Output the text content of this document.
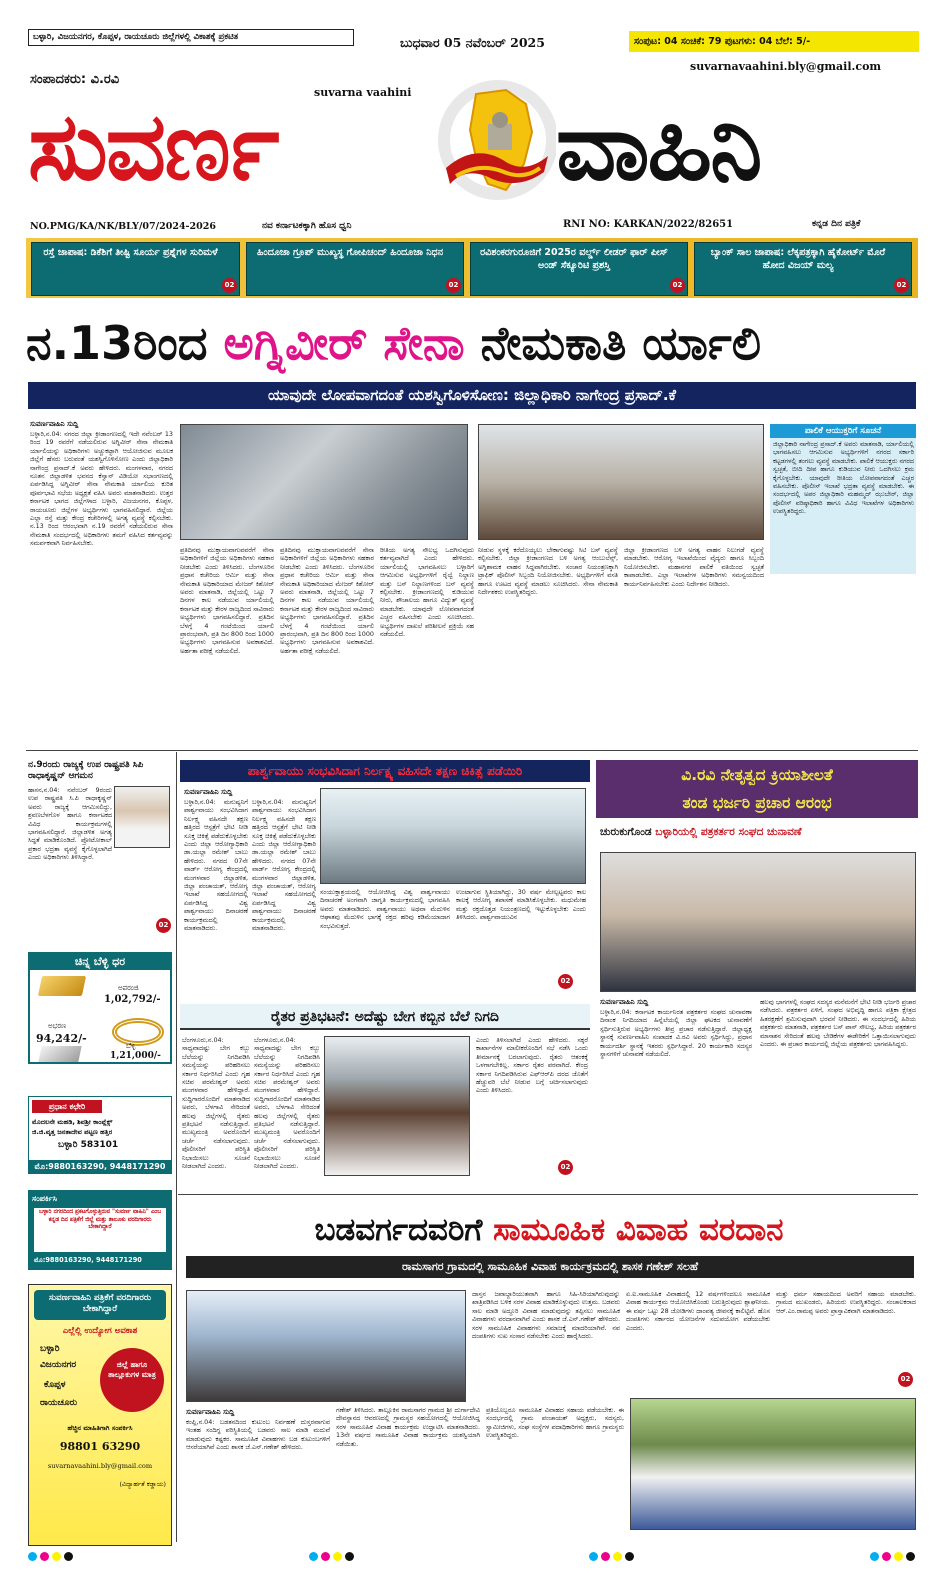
ಬಳ್ಳಾರಿ, ವಿಜಯನಗರ, ಕೊಪ್ಪಳ, ರಾಯಚೂರು ಜಿಲ್ಲೆಗಳಲ್ಲಿ ವಿಕಾಶಕ್ಕೆ ಪ್ರಕಟಿತ	ಬುಧವಾರ 05 ನವೆಂಬರ್ 2025	ಸಂಪುಟ: 04 ಸಂಚಿಕೆ: 79 ಪುಟಗಳು: 04 ಬೆಲೆ: 5/-
ಸಂಪಾದಕರು: ವಿ.ರವಿ
suvarnavaahini.bly@gmail.com
suvarna vaahini
ಸುವರ್ಣ	ವಾಹಿನಿ
NO.PMG/KA/NK/BLY/07/2024-2026	ನವ ಕರ್ನಾಟಕಕ್ಕಾಗಿ ಹೊಸ ಧ್ವನಿ	RNI NO: KARKAN/2022/82651	ಕನ್ನಡ ದಿನ ಪತ್ರಿಕೆ
ರಸ್ತೆ ಜಾಪಾಷ: ಡಿಕೆಶಿಗೆ ತೀಷ್ಟಿ ಸೂರ್ಯ ಪ್ರಶ್ನೆಗಳ ಸುರಿಮಳೆ
02
ಹಿಂದೂಜಾ ಗ್ರೂಪ್ ಮುಖ್ಯಸ್ಥ ಗೋಪಿಚಂದ್ ಹಿಂದೂಜಾ ನಿಧನ
02
ರವಿಶಂಕರಗುರೂಜಿಗೆ 2025ರ ವರ್ಲ್ಡ್ ಲೀಡರ್ ಫಾರ್ ಪೀಸ್ ಅಂಡ್ ಸೆಕ್ಯೂರಿಟಿ ಪ್ರಶಸ್ತಿ
02
ಬ್ಯಾಂಕ್ ಸಾಲ ಜಾಪಾಷ: ಲೆಕ್ಕಪತ್ರಕ್ಕಾಗಿ ಹೈಕೋರ್ಟ್ ಮೊರೆ ಹೋದ ವಿಜಯ್ ಮಲ್ಯ
02
ನ.13ರಿಂದ ಅಗ್ನಿವೀರ್ ಸೇನಾ ನೇಮಕಾತಿ ರ್ಯಾಲಿ
ಯಾವುದೇ ಲೋಪವಾಗದಂತೆ ಯಶಸ್ವಿಗೊಳಿಸೋಣ: ಜಿಲ್ಲಾಧಿಕಾರಿ ನಾಗೇಂದ್ರ ಪ್ರಸಾದ್.ಕೆ
ಸುವರ್ಣವಾಹಿನಿ ಸುದ್ದಿ
ಬಳ್ಳಾರಿ,ನ.04: ನಗರದ ಜಿಲ್ಲಾ ಕ್ರೀಡಾಂಗಣದಲ್ಲಿ ಇದೇ ನವೆಂಬರ್ 13 ರಿಂದ 19 ರವರೆಗೆ ನಡೆಯಲಿರುವ ಅಗ್ನಿವೀರ್ ಸೇನಾ ನೇಮಕಾತಿ ರ್ಯಾಲಿಯನ್ನು ಅಧಿಕಾರಿಗಳು ಅಚ್ಚುಕಟ್ಟಾಗಿ ಆಯೋಜಿಸುವ ಮೂಲಕ ಜಿಲ್ಲೆಗೆ ಹೆಸರು ಬರುವಂತೆ ಯಶಸ್ವಿಗೊಳಿಸೋಣ ಎಂದು ಜಿಲ್ಲಾಧಿಕಾರಿ ನಾಗೇಂದ್ರ ಪ್ರಸಾದ್.ಕೆ ಅವರು ಹೇಳಿದರು. ಮಂಗಳವಾರ, ನಗರದ ನೂತನ ಜಿಲ್ಲಾಡಳಿತ ಭವನದ ಕೆಸ್ವಾನ್ ವಿಡಿಯೋ ಸಭಾಂಗಣದಲ್ಲಿ ಏರ್ಪಡಿಸಿದ್ದ ಅಗ್ನಿವೀರ್ ಸೇನಾ ನೇಮಕಾತಿ ರ್ಯಾಲಿಯ ಕುರಿತ ಪೂರ್ವಭಾವಿ ಸಭೆಯ ಅಧ್ಯಕ್ಷತೆ ವಹಿಸಿ ಅವರು ಮಾತನಾಡಿದರು. ಉತ್ತರ ಕರ್ನಾಟಕ ಭಾಗದ ಜಿಲ್ಲೆಗಳಾದ ಬಳ್ಳಾರಿ, ವಿಜಯನಗರ, ಕೊಪ್ಪಳ, ರಾಯಚೂರು ಜಿಲ್ಲೆಗಳ ಅಭ್ಯರ್ಥಿಗಳು ಭಾಗವಹಿಸಲಿದ್ದಾರೆ. ಜಿಲ್ಲೆಯ ಎಲ್ಲಾ ರಸ್ತೆ ಮತ್ತು ಕೇಂದ್ರ ಕಚೇರಿಗಳಲ್ಲಿ ಅಗತ್ಯ ವ್ಯವಸ್ಥೆ ಕಲ್ಪಿಸಬೇಕು. ನ.13 ರಿಂದ ಆರಂಭವಾಗಿ ನ.19 ರವರೆಗೆ ನಡೆಯಲಿರುವ ಸೇನಾ ನೇಮಕಾತಿ ಸಂದರ್ಭದಲ್ಲಿ ಅಧಿಕಾರಿಗಳು ತಮಗೆ ವಹಿಸಿದ ಕರ್ತವ್ಯವನ್ನು ಸಮರ್ಪಕವಾಗಿ ನಿರ್ವಹಿಸಬೇಕು.
ಪ್ರತಿದಿನವು ಮುಕ್ತಾಯವಾಗುವವರೆಗೆ ಸೇನಾ ಅಧಿಕಾರಿಗಳಿಗೆ ಜಿಲ್ಲೆಯ ಅಧಿಕಾರಿಗಳು ಸಹಕಾರ ನೀಡಬೇಕು ಎಂದು ತಿಳಿಸಿದರು. ಬೆಂಗಳೂರಿನ ಪ್ರಧಾನ ಕಚೇರಿಯ ಆರ್ಮಿ ಮತ್ತು ಸೇನಾ ನೇಮಕಾತಿ ಅಧಿಕಾರಿಯಾದ ಮೇಜರ್ ಕಿಶೋರ್ ಅವರು ಮಾತನಾಡಿ, ಜಿಲ್ಲೆಯಲ್ಲಿ ಒಟ್ಟು 7 ದಿನಗಳ ಕಾಲ ನಡೆಯುವ ರ್ಯಾಲಿಯಲ್ಲಿ ಕರ್ನಾಟಕ ಮತ್ತು ಕೇರಳ ರಾಜ್ಯದಿಂದ ಸಾವಿರಾರು ಅಭ್ಯರ್ಥಿಗಳು ಭಾಗವಹಿಸಲಿದ್ದಾರೆ. ಪ್ರತಿದಿನ ಬೆಳಗ್ಗೆ 4 ಗಂಟೆಯಿಂದ ರ್ಯಾಲಿ ಪ್ರಾರಂಭವಾಗಿ, ಪ್ರತಿ ದಿನ 800 ರಿಂದ 1000 ಅಭ್ಯರ್ಥಿಗಳು ಭಾಗವಹಿಸುವ ಅವಕಾಶವಿದೆ. ಅರ್ಹತಾ ಪರೀಕ್ಷೆ ನಡೆಯಲಿದೆ.
ಪ್ರತಿದಿನವು ಮುಕ್ತಾಯವಾಗುವವರೆಗೆ ಸೇನಾ ಅಧಿಕಾರಿಗಳಿಗೆ ಜಿಲ್ಲೆಯ ಅಧಿಕಾರಿಗಳು ಸಹಕಾರ ನೀಡಬೇಕು ಎಂದು ತಿಳಿಸಿದರು. ಬೆಂಗಳೂರಿನ ಪ್ರಧಾನ ಕಚೇರಿಯ ಆರ್ಮಿ ಮತ್ತು ಸೇನಾ ನೇಮಕಾತಿ ಅಧಿಕಾರಿಯಾದ ಮೇಜರ್ ಕಿಶೋರ್ ಅವರು ಮಾತನಾಡಿ, ಜಿಲ್ಲೆಯಲ್ಲಿ ಒಟ್ಟು 7 ದಿನಗಳ ಕಾಲ ನಡೆಯುವ ರ್ಯಾಲಿಯಲ್ಲಿ ಕರ್ನಾಟಕ ಮತ್ತು ಕೇರಳ ರಾಜ್ಯದಿಂದ ಸಾವಿರಾರು ಅಭ್ಯರ್ಥಿಗಳು ಭಾಗವಹಿಸಲಿದ್ದಾರೆ. ಪ್ರತಿದಿನ ಬೆಳಗ್ಗೆ 4 ಗಂಟೆಯಿಂದ ರ್ಯಾಲಿ ಪ್ರಾರಂಭವಾಗಿ, ಪ್ರತಿ ದಿನ 800 ರಿಂದ 1000 ಅಭ್ಯರ್ಥಿಗಳು ಭಾಗವಹಿಸುವ ಅವಕಾಶವಿದೆ. ಅರ್ಹತಾ ಪರೀಕ್ಷೆ ನಡೆಯಲಿದೆ.
ರೀತಿಯ ಅಗತ್ಯ ಸೌಲಭ್ಯ ಒದಗಿಸುವುದು ಕರ್ತವ್ಯವಾಗಿದೆ ಎಂದು ಹೇಳಿದರು. ರ್ಯಾಲಿಯಲ್ಲಿ ಭಾಗವಹಿಸಲು ಬಳ್ಳಾರಿಗೆ ಆಗಮಿಸುವ ಅಭ್ಯರ್ಥಿಗಳಿಗೆ ರೈಲ್ವೆ ನಿಲ್ದಾಣ ಮತ್ತು ಬಸ್ ನಿಲ್ದಾಣಗಳಿಂದ ಬಸ್ ವ್ಯವಸ್ಥೆ ಕಲ್ಪಿಸಬೇಕು. ಕ್ರೀಡಾಂಗಣದಲ್ಲಿ ಕುಡಿಯುವ ನೀರು, ಶೌಚಾಲಯ ಹಾಗೂ ವಿದ್ಯುತ್ ವ್ಯವಸ್ಥೆ ಮಾಡಬೇಕು. ಯಾವುದೇ ಲೋಪವಾಗದಂತೆ ಎಚ್ಚರ ವಹಿಸಬೇಕು ಎಂದು ಸೂಚಿಸಿದರು. ಅಭ್ಯರ್ಥಿಗಳ ದಾಖಲೆ ಪರಿಶೀಲನೆ ಪ್ರಕ್ರಿಯೆ ಸಹ ನಡೆಯಲಿದೆ.
ನೀಡುವ ಸ್ಥಳಕ್ಕೆ ಕರೆದೊಯ್ಯಲು ಬೇಕಾಗುವಷ್ಟು ಸಿಟಿ ಬಸ್ ವ್ಯವಸ್ಥೆ ಕಲ್ಪಿಸಬೇಕು. ಜಿಲ್ಲಾ ಕ್ರೀಡಾಂಗಣದ ಬಳಿ ಅಗತ್ಯ ಆಂಬುಲೆನ್ಸ್, ಅಗ್ನಿಶಾಮಕ ವಾಹನ ಸಿದ್ಧವಾಗಿರಬೇಕು. ಸಂಚಾರ ನಿಯಂತ್ರಣಕ್ಕಾಗಿ ಟ್ರಾಫಿಕ್ ಪೊಲೀಸ್ ಸಿಬ್ಬಂದಿ ನಿಯೋಜಿಸಬೇಕು. ಅಭ್ಯರ್ಥಿಗಳಿಗೆ ವಸತಿ ಹಾಗೂ ಊಟದ ವ್ಯವಸ್ಥೆ ಮಾಡಲು ಸೂಚಿಸಿದರು. ಸೇನಾ ನೇಮಕಾತಿ ನಿರ್ದೇಶಕರು ಉಪಸ್ಥಿತರಿದ್ದರು.
ಜಿಲ್ಲಾ ಕ್ರೀಡಾಂಗಣದ ಬಳಿ ಅಗತ್ಯ ವಾಹನ ನಿಲುಗಡೆ ವ್ಯವಸ್ಥೆ ಮಾಡಬೇಕು. ಆರೋಗ್ಯ ಇಲಾಖೆಯಿಂದ ವೈದ್ಯರು ಹಾಗೂ ಸಿಬ್ಬಂದಿ ನಿಯೋಜಿಸಬೇಕು. ಮಹಾನಗರ ಪಾಲಿಕೆ ವತಿಯಿಂದ ಸ್ವಚ್ಛತೆ ಕಾಪಾಡಬೇಕು. ಎಲ್ಲಾ ಇಲಾಖೆಗಳ ಅಧಿಕಾರಿಗಳು ಸಮನ್ವಯದಿಂದ ಕಾರ್ಯನಿರ್ವಹಿಸಬೇಕು ಎಂದು ನಿರ್ದೇಶನ ನೀಡಿದರು.
ಪಾಲಿಕೆ ಆಯುಕ್ತರಿಗೆ ಸೂಚನೆ
ಜಿಲ್ಲಾಧಿಕಾರಿ ನಾಗೇಂದ್ರ ಪ್ರಸಾದ್.ಕೆ ಅವರು ಮಾತನಾಡಿ, ರ್ಯಾಲಿಯಲ್ಲಿ ಭಾಗವಹಿಸಲು ಆಗಮಿಸುವ ಅಭ್ಯರ್ಥಿಗಳಿಗೆ ನಗರದ ಸರ್ಕಾರಿ ಕಟ್ಟಡಗಳಲ್ಲಿ ತಂಗಲು ವ್ಯವಸ್ಥೆ ಮಾಡಬೇಕು. ಪಾಲಿಕೆ ಆಯುಕ್ತರು ನಗರದ ಸ್ವಚ್ಛತೆ, ಬೀದಿ ದೀಪ ಹಾಗೂ ಕುಡಿಯುವ ನೀರು ಒದಗಿಸಲು ಕ್ರಮ ಕೈಗೊಳ್ಳಬೇಕು. ಯಾವುದೇ ರೀತಿಯ ಲೋಪವಾಗದಂತೆ ಎಚ್ಚರ ವಹಿಸಬೇಕು. ಪೊಲೀಸ್ ಇಲಾಖೆ ಭದ್ರತಾ ವ್ಯವಸ್ಥೆ ಮಾಡಬೇಕು. ಈ ಸಂದರ್ಭದಲ್ಲಿ ಅಪರ ಜಿಲ್ಲಾಧಿಕಾರಿ ಮಹಮ್ಮದ್ ಝುಬೇರ್, ಜಿಲ್ಲಾ ಪೊಲೀಸ್ ವರಿಷ್ಠಾಧಿಕಾರಿ ಹಾಗೂ ವಿವಿಧ ಇಲಾಖೆಗಳ ಅಧಿಕಾರಿಗಳು ಉಪಸ್ಥಿತರಿದ್ದರು.
ನ.9ರಂದು ರಾಜ್ಯಕ್ಕೆ ಉಪ ರಾಷ್ಟ್ರಪತಿ ಸಿಪಿ ರಾಧಾಕೃಷ್ಣನ್ ಆಗಮನ
ಹಾಸನ,ನ.04: ನವೆಂಬರ್ 9ರಂದು ಉಪ ರಾಷ್ಟ್ರಪತಿ ಸಿ.ಪಿ ರಾಧಾಕೃಷ್ಣನ್ ಅವರು ರಾಜ್ಯಕ್ಕೆ ಆಗಮಿಸಲಿದ್ದು, ಶ್ರವಣಬೆಳಗೊಳ ಹಾಗೂ ಕರ್ನಾಟಕದ ವಿವಿಧ ಕಾರ್ಯಕ್ರಮಗಳಲ್ಲಿ ಭಾಗವಹಿಸಲಿದ್ದಾರೆ. ಜಿಲ್ಲಾಡಳಿತ ಅಗತ್ಯ ಸಿದ್ಧತೆ ಮಾಡಿಕೊಂಡಿದೆ. ಪ್ರೋಟೋಕಾಲ್ ಪ್ರಕಾರ ಭದ್ರತಾ ವ್ಯವಸ್ಥೆ ಕೈಗೊಳ್ಳಲಾಗಿದೆ ಎಂದು ಅಧಿಕಾರಿಗಳು ತಿಳಿಸಿದ್ದಾರೆ.
02
ಚಿನ್ನ ಬೆಳ್ಳಿ ಧರ
ಅಪರಂಜಿ
1,02,792/-
ಅಭರಣ
94,242/-
ಬೆಳ್ಳಿ
1,21,000/-
ಪ್ರಧಾನ ಕಛೇರಿ
ಮೊದಲನೇ ಮಹಡಿ, ಶಿವಶ್ರೀ ಕಾಂಪ್ಲೆಕ್ಸ್
ಜಿ.ಜಿ.ವೃತ್ತ ಜನತಾದೇವ ಪಟ್ಟಣ ಹತ್ತಿರ
ಬಳ್ಳಾರಿ 583101
ಮೊ:9880163290, 9448171290
ಸಂಪರ್ಕಿಸಿ
ಬಳ್ಳಾರಿ ನಗರದಿಂದ ಪ್ರಕಟಗೊಳ್ಳುತ್ತಿರುವ "ಸುವರ್ಣ ವಾಹಿನಿ" ಎಂಬ ಕನ್ನಡ ದಿನ ಪತ್ರಿಕೆಗೆ ಜಿಲ್ಲೆ ಮತ್ತು ತಾಲೂಕು ವರದಿಗಾರರು ಬೇಕಾಗಿದ್ದಾರೆ
ಮೊ:9880163290, 9448171290
ಸುವರ್ಣವಾಹಿನಿ ಪತ್ರಿಕೆಗೆ ವರದಿಗಾರರು ಬೇಕಾಗಿದ್ದಾರೆ
ಎಲ್ಲೆಲ್ಲಿ ಉದ್ಯೋಗ ಅವಕಾಶ
ಬಳ್ಳಾರಿ
ವಿಜಯನಗರ
ಕೊಪ್ಪಳ
ರಾಯಚೂರು
ಜಿಲ್ಲೆ ಹಾಗೂ ತಾಲ್ಲೂಕುಗಳ ಮಾತ್ರ
ಹೆಚ್ಚಿನ ಮಾಹಿತಿಗಾಗಿ ಸಂಪರ್ಕಿಸಿ
98801 63290
suvarnavaahini.bly@gmail.com
(ವಿದ್ಯಾರ್ಹತೆ ಕಡ್ಡಾಯ)
ಪಾರ್ಶ್ವವಾಯು ಸಂಭವಿಸಿದಾಗ ನಿರ್ಲಕ್ಷ್ಯ ವಹಿಸದೇ ತಕ್ಷಣ ಚಿಕಿತ್ಸೆ ಪಡೆಯಿರಿ
ಸುವರ್ಣವಾಹಿನಿ ಸುದ್ದಿ
ಬಳ್ಳಾರಿ,ನ.04: ಮನುಷ್ಯನಿಗೆ ಪಾರ್ಶ್ವವಾಯು ಸಂಭವಿಸಿದಾಗ ನಿರ್ಲಕ್ಷ್ಯ ವಹಿಸದೇ ತಕ್ಷಣ ಹತ್ತಿರದ ಆಸ್ಪತ್ರೆಗೆ ಭೇಟಿ ನೀಡಿ ಸೂಕ್ತ ಚಿಕಿತ್ಸೆ ಪಡೆದುಕೊಳ್ಳಬೇಕು ಎಂದು ಜಿಲ್ಲಾ ಆರೋಗ್ಯಾಧಿಕಾರಿ ಡಾ.ಯಲ್ಲಾ ರಮೇಶ್ ಬಾಬು ಹೇಳಿದರು. ನಗರದ 07ನೇ ವಾರ್ಡ್ ಆರೋಗ್ಯ ಕೇಂದ್ರದಲ್ಲಿ ಮಂಗಳವಾರ ಜಿಲ್ಲಾಡಳಿತ, ಜಿಲ್ಲಾ ಪಂಚಾಯತ್, ಆರೋಗ್ಯ ಇಲಾಖೆ ಸಹಯೋಗದಲ್ಲಿ ಏರ್ಪಡಿಸಿದ್ದ ವಿಶ್ವ ಪಾರ್ಶ್ವವಾಯು ದಿನಾಚರಣೆ ಕಾರ್ಯಕ್ರಮದಲ್ಲಿ ಮಾತನಾಡಿದರು.
ಬಳ್ಳಾರಿ,ನ.04: ಮನುಷ್ಯನಿಗೆ ಪಾರ್ಶ್ವವಾಯು ಸಂಭವಿಸಿದಾಗ ನಿರ್ಲಕ್ಷ್ಯ ವಹಿಸದೇ ತಕ್ಷಣ ಹತ್ತಿರದ ಆಸ್ಪತ್ರೆಗೆ ಭೇಟಿ ನೀಡಿ ಸೂಕ್ತ ಚಿಕಿತ್ಸೆ ಪಡೆದುಕೊಳ್ಳಬೇಕು ಎಂದು ಜಿಲ್ಲಾ ಆರೋಗ್ಯಾಧಿಕಾರಿ ಡಾ.ಯಲ್ಲಾ ರಮೇಶ್ ಬಾಬು ಹೇಳಿದರು. ನಗರದ 07ನೇ ವಾರ್ಡ್ ಆರೋಗ್ಯ ಕೇಂದ್ರದಲ್ಲಿ ಮಂಗಳವಾರ ಜಿಲ್ಲಾಡಳಿತ, ಜಿಲ್ಲಾ ಪಂಚಾಯತ್, ಆರೋಗ್ಯ ಇಲಾಖೆ ಸಹಯೋಗದಲ್ಲಿ ಏರ್ಪಡಿಸಿದ್ದ ವಿಶ್ವ ಪಾರ್ಶ್ವವಾಯು ದಿನಾಚರಣೆ ಕಾರ್ಯಕ್ರಮದಲ್ಲಿ ಮಾತನಾಡಿದರು.
ಸಂಯುಕ್ತಾಶ್ರಯದಲ್ಲಿ ಆಯೋಜಿಸಿದ್ದ ವಿಶ್ವ ಪಾರ್ಶ್ವವಾಯು ದಿನಾಚರಣೆ ಅಂಗವಾಗಿ ಜಾಗೃತಿ ಕಾರ್ಯಕ್ರಮದಲ್ಲಿ ಭಾಗವಹಿಸಿ ಅವರು ಮಾತನಾಡಿದರು. ಪಾರ್ಶ್ವವಾಯು ಅಥವಾ ಮೆದುಳಿನ ಆಘಾತವು ಮೆದುಳಿನ ಭಾಗಕ್ಕೆ ರಕ್ತದ ಹರಿವು ಕಡಿಮೆಯಾದಾಗ ಸಂಭವಿಸುತ್ತದೆ.
ಉಂಟಾಗುವ ಸ್ಥಿತಿಯಾಗಿದ್ದು, 30 ವರ್ಷ ಮೇಲ್ಪಟ್ಟವರು ಕಾಲ ಕಾಲಕ್ಕೆ ಆರೋಗ್ಯ ತಪಾಸಣೆ ಮಾಡಿಸಿಕೊಳ್ಳಬೇಕು. ಮಧುಮೇಹ ಮತ್ತು ರಕ್ತದೊತ್ತಡ ನಿಯಂತ್ರಣದಲ್ಲಿ ಇಟ್ಟುಕೊಳ್ಳಬೇಕು ಎಂದು ತಿಳಿಸಿದರು. ಪಾರ್ಶ್ವವಾಯುವಿನ
02
ವಿ.ರವಿ ನೇತೃತ್ವದ ಕ್ರಿಯಾಶೀಲತೆ
ತಂಡ ಭರ್ಜರಿ ಪ್ರಚಾರ ಆರಂಭ
ಚುರುಕುಗೊಂಡ ಬಳ್ಳಾರಿಯಲ್ಲಿ ಪತ್ರಕರ್ತರ ಸಂಘದ ಚುನಾವಣೆ
ಸುವರ್ಣವಾಹಿನಿ ಸುದ್ದಿ
ಬಳ್ಳಾರಿ,ನ.04: ಕರ್ನಾಟಕ ಕಾರ್ಯನಿರತ ಪತ್ರಕರ್ತರ ಸಂಘದ ಚುನಾವಣಾ ದಿನಾಂಕ ನಿಗದಿಯಾದ ಹಿನ್ನೆಲೆಯಲ್ಲಿ ಜಿಲ್ಲಾ ಘಟಕದ ಚುನಾವಣೆಗೆ ಸ್ಪರ್ಧಿಸುತ್ತಿರುವ ಅಭ್ಯರ್ಥಿಗಳು ತೀವ್ರ ಪ್ರಚಾರ ನಡೆಸುತ್ತಿದ್ದಾರೆ. ಜಿಲ್ಲಾಧ್ಯಕ್ಷ ಸ್ಥಾನಕ್ಕೆ ಸುವರ್ಣವಾಹಿನಿ ಸಂಪಾದಕ ವಿ.ರವಿ ಅವರು ಸ್ಪರ್ಧಿಸಿದ್ದು, ಪ್ರಧಾನ ಕಾರ್ಯದರ್ಶಿ ಸ್ಥಾನಕ್ಕೆ ಇತರರು ಸ್ಪರ್ಧಿಸಿದ್ದಾರೆ. 20 ಕಾರ್ಯಕಾರಿ ಸದಸ್ಯರ ಸ್ಥಾನಗಳಿಗೆ ಚುನಾವಣೆ ನಡೆಯಲಿದೆ.
ಹಲವು ಭಾಗಗಳಲ್ಲಿ ಸಂಘದ ಸದಸ್ಯರ ಮನೆಮನೆಗೆ ಭೇಟಿ ನೀಡಿ ಭರ್ಜರಿ ಪ್ರಚಾರ ನಡೆಸಿದರು. ಪತ್ರಕರ್ತರ ಏಳಿಗೆ, ಸಂಘದ ಅಭಿವೃದ್ಧಿ ಹಾಗೂ ಪತ್ರಿಕಾ ಕ್ಷೇತ್ರದ ಹಿತರಕ್ಷಣೆಗೆ ಶ್ರಮಿಸುವುದಾಗಿ ಭರವಸೆ ನೀಡಿದರು. ಈ ಸಂದರ್ಭದಲ್ಲಿ ಹಿರಿಯ ಪತ್ರಕರ್ತರು ಮಾತನಾಡಿ, ಪತ್ರಕರ್ತರ ಬಸ್ ಪಾಸ್ ಸೌಲಭ್ಯ, ಹಿರಿಯ ಪತ್ರಕರ್ತರ ಮಾಸಾಶನ ಸೇರಿದಂತೆ ಹಲವು ಬೇಡಿಕೆಗಳ ಈಡೇರಿಕೆಗೆ ಒತ್ತಾಯಿಸಲಾಗುವುದು ಎಂದರು. ಈ ಪ್ರಚಾರ ಕಾರ್ಯದಲ್ಲಿ ಜಿಲ್ಲೆಯ ಪತ್ರಕರ್ತರು ಭಾಗವಹಿಸಿದ್ದರು.
ರೈತರ ಪ್ರತಿಭಟನೆ: ಅದೆಷ್ಟು ಬೇಗ ಕಬ್ಬಿನ ಬೆಲೆ ನಿಗದಿ
ಬೆಂಗಳೂರು,ನ.04: ಸಾಧ್ಯವಾದಷ್ಟು ಬೇಗ ಕಬ್ಬು ಬೆಲೆಯನ್ನು ನಿಗದಿಪಡಿಸಿ ಸಮಸ್ಯೆಯನ್ನು ಪರಿಹರಿಸಲು ಸರ್ಕಾರ ನಿರ್ಧರಿಸಿದೆ ಎಂದು ಗೃಹ ಸಚಿವ ಪರಮೇಶ್ವರ್ ಅವರು ಮಂಗಳವಾರ ಹೇಳಿದ್ದಾರೆ. ಸುದ್ದಿಗಾರರೊಂದಿಗೆ ಮಾತನಾಡಿದ ಅವರು, ಬೆಳಗಾವಿ ಸೇರಿದಂತೆ ಹಲವು ಜಿಲ್ಲೆಗಳಲ್ಲಿ ರೈತರು ಪ್ರತಿಭಟನೆ ನಡೆಸುತ್ತಿದ್ದಾರೆ. ಮುಖ್ಯಮಂತ್ರಿ ಅವರೊಂದಿಗೆ ಚರ್ಚೆ ನಡೆಸಲಾಗುವುದು. ಪೊಲೀಸರಿಗೆ ಪರಿಸ್ಥಿತಿ ನಿಭಾಯಿಸಲು ಸೂಚನೆ ನೀಡಲಾಗಿದೆ ಎಂದರು.
ಬೆಂಗಳೂರು,ನ.04: ಸಾಧ್ಯವಾದಷ್ಟು ಬೇಗ ಕಬ್ಬು ಬೆಲೆಯನ್ನು ನಿಗದಿಪಡಿಸಿ ಸಮಸ್ಯೆಯನ್ನು ಪರಿಹರಿಸಲು ಸರ್ಕಾರ ನಿರ್ಧರಿಸಿದೆ ಎಂದು ಗೃಹ ಸಚಿವ ಪರಮೇಶ್ವರ್ ಅವರು ಮಂಗಳವಾರ ಹೇಳಿದ್ದಾರೆ. ಸುದ್ದಿಗಾರರೊಂದಿಗೆ ಮಾತನಾಡಿದ ಅವರು, ಬೆಳಗಾವಿ ಸೇರಿದಂತೆ ಹಲವು ಜಿಲ್ಲೆಗಳಲ್ಲಿ ರೈತರು ಪ್ರತಿಭಟನೆ ನಡೆಸುತ್ತಿದ್ದಾರೆ. ಮುಖ್ಯಮಂತ್ರಿ ಅವರೊಂದಿಗೆ ಚರ್ಚೆ ನಡೆಸಲಾಗುವುದು. ಪೊಲೀಸರಿಗೆ ಪರಿಸ್ಥಿತಿ ನಿಭಾಯಿಸಲು ಸೂಚನೆ ನೀಡಲಾಗಿದೆ ಎಂದರು.
ಎಂದು ತಿಳಿಸಲಾಗಿದೆ ಎಂದು ಹೇಳಿದರು. ಸಕ್ಕರೆ ಕಾರ್ಖಾನೆಗಳ ಮಾಲೀಕರೊಂದಿಗೆ ಸಭೆ ನಡೆಸಿ ಒಂದು ತೀರ್ಮಾನಕ್ಕೆ ಬರಲಾಗುವುದು. ರೈತರು ಆತಂಕಕ್ಕೆ ಒಳಗಾಗಬೇಕಿಲ್ಲ. ಸರ್ಕಾರ ರೈತರ ಪರವಾಗಿದೆ. ಕೇಂದ್ರ ಸರ್ಕಾರ ನಿಗದಿಪಡಿಸಿರುವ ಎಫ್ಆರ್‌ಪಿ ದರದ ಜೊತೆಗೆ ಹೆಚ್ಚುವರಿ ಬೆಲೆ ನೀಡುವ ಬಗ್ಗೆ ಚರ್ಚಿಸಲಾಗುವುದು ಎಂದು ತಿಳಿಸಿದರು.
02
ಬಡವರ್ಗದವರಿಗೆ ಸಾಮೂಹಿಕ ವಿವಾಹ ವರದಾನ
ರಾಮಸಾಗರ ಗ್ರಾಮದಲ್ಲಿ ಸಾಮೂಹಿಕ ವಿವಾಹ ಕಾರ್ಯಕ್ರಮದಲ್ಲಿ ಶಾಸಕ ಗಣೇಶ್ ಸಲಹೆ
ದಾಸ್ತನ ಜವಾಬ್ದಾರಿಯುತವಾಗಿ ಹಾಗೂ ಸಿಹಿ-ಸಿರಿಯಾಗಿರುವುದನ್ನು ಖಾತ್ರಿಪಡಿಸಿದ ಬಳಿಕ ಸರಳ ವಿವಾಹ ಮಾಡಿಕೊಳ್ಳುವುದು ಉತ್ತಮ. ಬಡವರು ಸಾಲ ಮಾಡಿ ಅದ್ದೂರಿ ವಿವಾಹ ಮಾಡುವುದನ್ನು ತಪ್ಪಿಸಲು ಸಾಮೂಹಿಕ ವಿವಾಹಗಳು ವರದಾನವಾಗಿವೆ ಎಂದು ಶಾಸಕ ಜೆ.ಎನ್.ಗಣೇಶ್ ಹೇಳಿದರು. ಸರಳ ಸಾಮೂಹಿಕ ವಿವಾಹಗಳು ಸಮಾಜಕ್ಕೆ ಮಾದರಿಯಾಗಿವೆ. ನವ ದಂಪತಿಗಳು ಸುಖ ಸಂಸಾರ ನಡೆಸಬೇಕು ಎಂದು ಹಾರೈಸಿದರು.
ಏ.ಐ.ಸಾಮೂಹಿಕ ವಿವಾಹದಲ್ಲಿ 12 ವರ್ಷಗಳಿಂದಲೂ ಸಾಮೂಹಿಕ ವಿವಾಹ ಕಾರ್ಯಕ್ರಮ ಆಯೋಜಿಸಿಕೊಂಡು ಬರುತ್ತಿರುವುದು ಶ್ಲಾಘನೀಯ. ಈ ವರ್ಷ ಒಟ್ಟು 28 ಜೋಡಿಗಳು ದಾಂಪತ್ಯ ಜೀವನಕ್ಕೆ ಕಾಲಿಟ್ಟಿವೆ. ಹೊಸ ದಂಪತಿಗಳು ಸರ್ಕಾರದ ಯೋಜನೆಗಳ ಸದುಪಯೋಗ ಪಡೆಯಬೇಕು ಎಂದರು.
ಮತ್ತು ಧರ್ಮ ಸಹಾಯದಿಂದ ಅವರಿಗೆ ಸಹಾಯ ಮಾಡಬೇಕು. ಗ್ರಾಮದ ಮುಖಂಡರು, ಹಿರಿಯರು ಉಪಸ್ಥಿತರಿದ್ದರು. ಸಂಚಾಲಕರಾದ ಆರ್.ಎಂ.ರಾಮಪ್ಪ ಅವರು ಪ್ರಾಸ್ತಾವಿಕವಾಗಿ ಮಾತನಾಡಿದರು.
02
ಸುವರ್ಣವಾಹಿನಿ ಸುದ್ದಿ
ಕಂಪ್ಲಿ,ನ.04: ಬಡತನದಿಂದ ಕುಟುಂಬ ನಿರ್ವಹಣೆ ದುಸ್ತರವಾಗುವ ಇಂತಹ ಸಂದಿಗ್ಧ ಪರಿಸ್ಥಿತಿಯಲ್ಲಿ ಬಡವರು ಸಾಲ ಮಾಡಿ ಮದುವೆ ಮಾಡುವುದು ಕಷ್ಟಕರ. ಸಾಮೂಹಿಕ ವಿವಾಹಗಳು ಬಡ ಕುಟುಂಬಗಳಿಗೆ ಆಸರೆಯಾಗಿವೆ ಎಂದು ಶಾಸಕ ಜೆ.ಎನ್.ಗಣೇಶ್ ಹೇಳಿದರು.
ಗಣೇಶ್ ತಿಳಿಸಿದರು. ತಾಲ್ಲೂಕಿನ ರಾಮಸಾಗರ ಗ್ರಾಮದ ಶ್ರೀ ದುರ್ಗಾದೇವಿ ದೇವಸ್ಥಾನದ ಆವರಣದಲ್ಲಿ ಗ್ರಾಮಸ್ಥರ ಸಹಯೋಗದಲ್ಲಿ ಆಯೋಜಿಸಿದ್ದ ಸರಳ ಸಾಮೂಹಿಕ ವಿವಾಹ ಕಾರ್ಯಕ್ರಮ ಉದ್ಘಾಟಿಸಿ ಮಾತನಾಡಿದರು. 13ನೇ ವರ್ಷದ ಸಾಮೂಹಿಕ ವಿವಾಹ ಕಾರ್ಯಕ್ರಮ ಯಶಸ್ವಿಯಾಗಿ ನಡೆಯಿತು.
ಪ್ರತಿಯೊಬ್ಬರೂ ಸಾಮೂಹಿಕ ವಿವಾಹದ ಸಹಾಯ ಪಡೆಯಬೇಕು. ಈ ಸಂದರ್ಭದಲ್ಲಿ ಗ್ರಾಮ ಪಂಚಾಯತ್ ಅಧ್ಯಕ್ಷರು, ಸದಸ್ಯರು, ಸ್ವಾಮೀಜಿಗಳು, ಸಂಘ ಸಂಸ್ಥೆಗಳ ಪದಾಧಿಕಾರಿಗಳು ಹಾಗೂ ಗ್ರಾಮಸ್ಥರು ಉಪಸ್ಥಿತರಿದ್ದರು.
